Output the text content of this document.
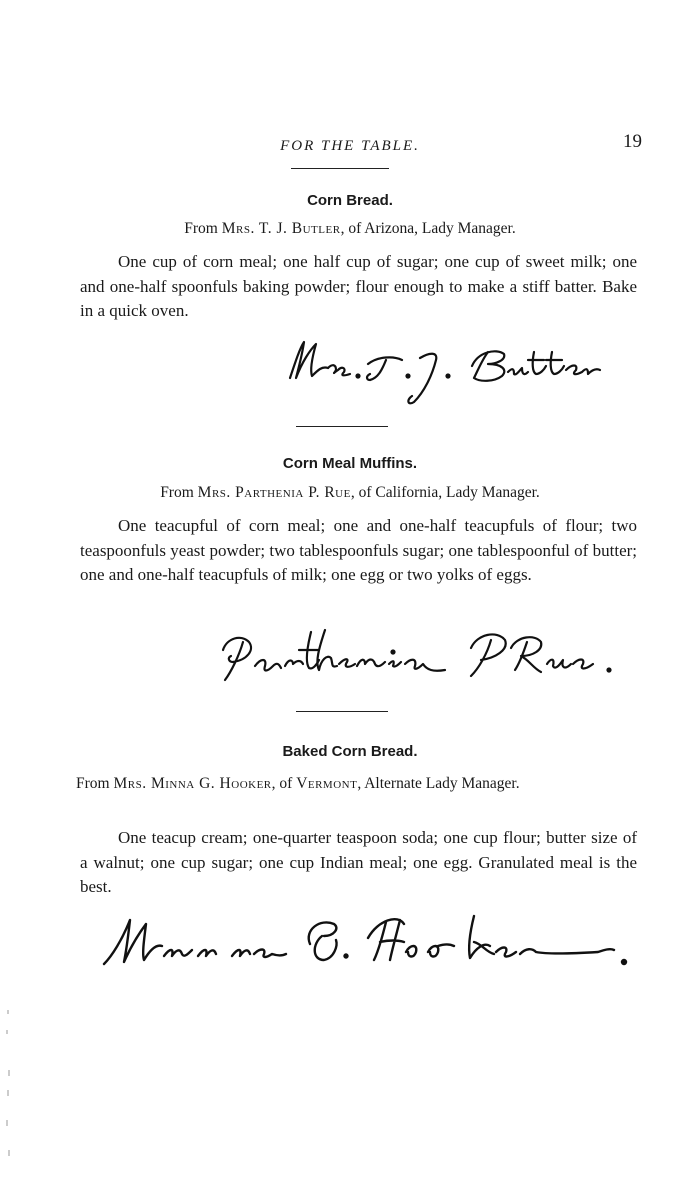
FOR THE TABLE.	19
Corn Bread.
From Mrs. T. J. Butler, of Arizona, Lady Manager.
One cup of corn meal; one half cup of sugar; one cup of sweet milk; one and one-half spoonfuls baking powder; flour enough to make a stiff batter. Bake in a quick oven.
Corn Meal Muffins.
From Mrs. Parthenia P. Rue, of California, Lady Manager.
One teacupful of corn meal; one and one-half teacupfuls of flour; two teaspoonfuls yeast powder; two tablespoonfuls sugar; one tablespoonful of butter; one and one-half teacupfuls of milk; one egg or two yolks of eggs.
Baked Corn Bread.
From Mrs. Minna G. Hooker, of Vermont, Alternate Lady Manager.
One teacup cream; one-quarter teaspoon soda; one cup flour; butter size of a walnut; one cup sugar; one cup Indian meal; one egg. Granulated meal is the best.
